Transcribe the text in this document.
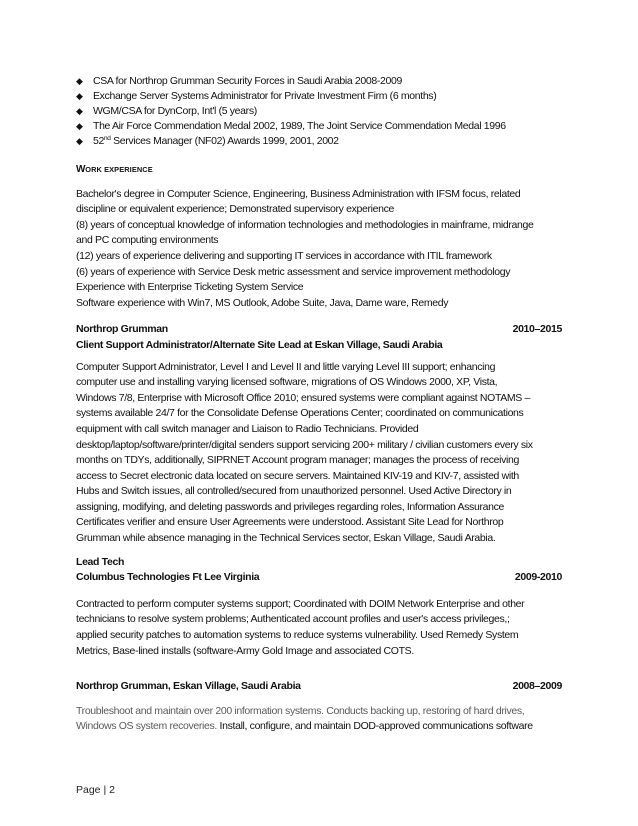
◆ CSA for Northrop Grumman Security Forces in Saudi Arabia 2008-2009
◆ Exchange Server Systems Administrator for Private Investment Firm (6 months)
◆ WGM/CSA for DynCorp, Int'l (5 years)
◆ The Air Force Commendation Medal 2002, 1989, The Joint Service Commendation Medal 1996
◆ 52nd Services Manager (NF02) Awards 1999, 2001, 2002
WORK EXPERIENCE
Bachelor's degree in Computer Science, Engineering, Business Administration with IFSM focus, related
discipline or equivalent experience; Demonstrated supervisory experience
(8) years of conceptual knowledge of information technologies and methodologies in mainframe, midrange
and PC computing environments
(12) years of experience delivering and supporting IT services in accordance with ITIL framework
(6) years of experience with Service Desk metric assessment and service improvement methodology
Experience with Enterprise Ticketing System Service
Software experience with Win7, MS Outlook, Adobe Suite, Java, Dame ware, Remedy
Northrop Grumman	2010–2015
Client Support Administrator/Alternate Site Lead at Eskan Village, Saudi Arabia
Computer Support Administrator, Level I and Level II and little varying Level III support; enhancing
computer use and installing varying licensed software, migrations of OS Windows 2000, XP, Vista,
Windows 7/8, Enterprise with Microsoft Office 2010; ensured systems were compliant against NOTAMS –
systems available 24/7 for the Consolidate Defense Operations Center; coordinated on communications
equipment with call switch manager and Liaison to Radio Technicians. Provided
desktop/laptop/software/printer/digital senders support servicing 200+ military / civilian customers every six
months on TDYs, additionally, SIPRNET Account program manager; manages the process of receiving
access to Secret electronic data located on secure servers. Maintained KIV-19 and KIV-7, assisted with
Hubs and Switch issues, all controlled/secured from unauthorized personnel. Used Active Directory in
assigning, modifying, and deleting passwords and privileges regarding roles, Information Assurance
Certificates verifier and ensure User Agreements were understood. Assistant Site Lead for Northrop
Grumman while absence managing in the Technical Services sector, Eskan Village, Saudi Arabia.
Lead Tech
Columbus Technologies Ft Lee Virginia	2009-2010
Contracted to perform computer systems support; Coordinated with DOIM Network Enterprise and other
technicians to resolve system problems; Authenticated account profiles and user's access privileges,;
applied security patches to automation systems to reduce systems vulnerability. Used Remedy System
Metrics, Base-lined installs (software-Army Gold Image and associated COTS.
Northrop Grumman, Eskan Village, Saudi Arabia	2008–2009
Troubleshoot and maintain over 200 information systems. Conducts backing up, restoring of hard drives,
Windows OS system recoveries. Install, configure, and maintain DOD-approved communications software
Page | 2
